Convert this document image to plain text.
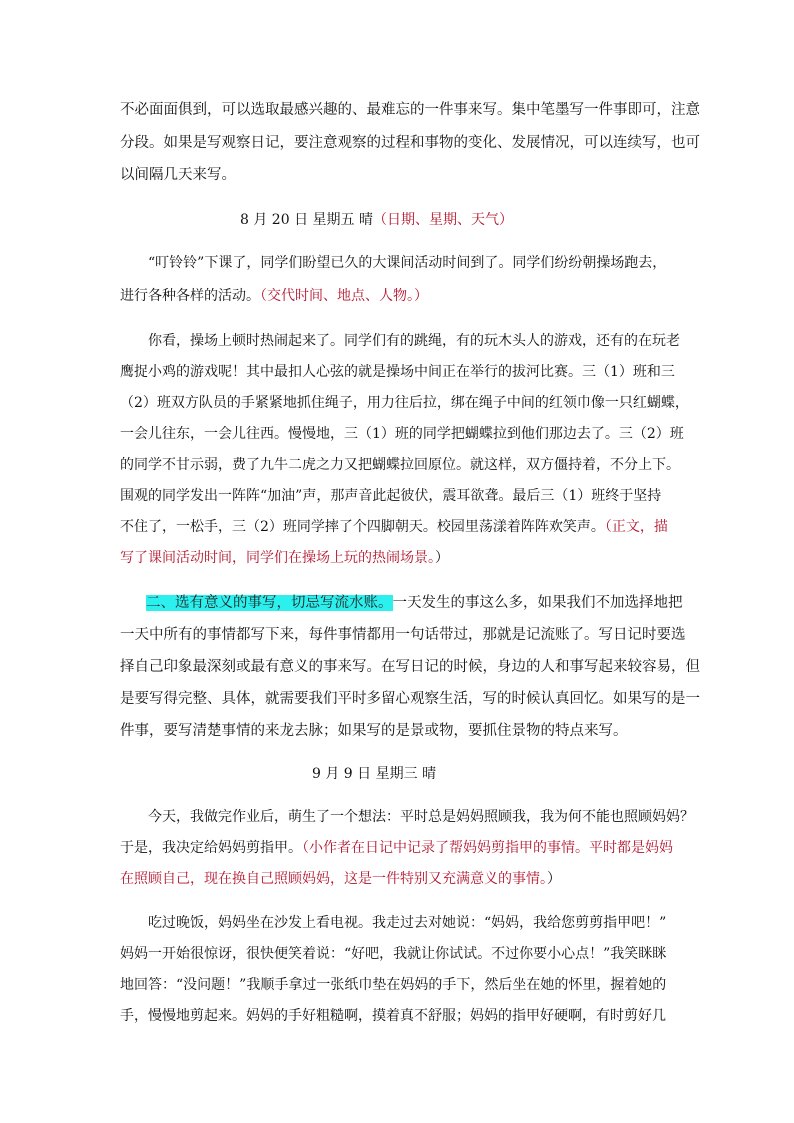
不必面面俱到，可以选取最感兴趣的、最难忘的一件事来写。集中笔墨写一件事即可，注意
分段。如果是写观察日记，要注意观察的过程和事物的变化、发展情况，可以连续写，也可
以间隔几天来写。
8 月 20 日 星期五 晴（日期、星期、天气）
“叮铃铃”下课了，同学们盼望已久的大课间活动时间到了。同学们纷纷朝操场跑去，
进行各种各样的活动。（交代时间、地点、人物。）
你看，操场上顿时热闹起来了。同学们有的跳绳，有的玩木头人的游戏，还有的在玩老
鹰捉小鸡的游戏呢！其中最扣人心弦的就是操场中间正在举行的拔河比赛。三（1）班和三
（2）班双方队员的手紧紧地抓住绳子，用力往后拉，绑在绳子中间的红领巾像一只红蝴蝶，
一会儿往东，一会儿往西。慢慢地，三（1）班的同学把蝴蝶拉到他们那边去了。三（2）班
的同学不甘示弱，费了九牛二虎之力又把蝴蝶拉回原位。就这样，双方僵持着，不分上下。
围观的同学发出一阵阵“加油”声，那声音此起彼伏，震耳欲聋。最后三（1）班终于坚持
不住了，一松手，三（2）班同学摔了个四脚朝天。校园里荡漾着阵阵欢笑声。（正文，描
写了课间活动时间，同学们在操场上玩的热闹场景。）
二、选有意义的事写，切忌写流水账。一天发生的事这么多，如果我们不加选择地把
一天中所有的事情都写下来，每件事情都用一句话带过，那就是记流账了。写日记时要选
择自己印象最深刻或最有意义的事来写。在写日记的时候，身边的人和事写起来较容易，但
是要写得完整、具体，就需要我们平时多留心观察生活，写的时候认真回忆。如果写的是一
件事，要写清楚事情的来龙去脉；如果写的是景或物，要抓住景物的特点来写。
9 月 9 日 星期三 晴
今天，我做完作业后，萌生了一个想法：平时总是妈妈照顾我，我为何不能也照顾妈妈？
于是，我决定给妈妈剪指甲。（小作者在日记中记录了帮妈妈剪指甲的事情。平时都是妈妈
在照顾自己，现在换自己照顾妈妈，这是一件特别又充满意义的事情。）
吃过晚饭，妈妈坐在沙发上看电视。我走过去对她说：“妈妈，我给您剪剪指甲吧！”
妈妈一开始很惊讶，很快便笑着说：“好吧，我就让你试试。不过你要小心点！”我笑眯眯
地回答：“没问题！”我顺手拿过一张纸巾垫在妈妈的手下，然后坐在她的怀里，握着她的
手，慢慢地剪起来。妈妈的手好粗糙啊，摸着真不舒服；妈妈的指甲好硬啊，有时剪好几
